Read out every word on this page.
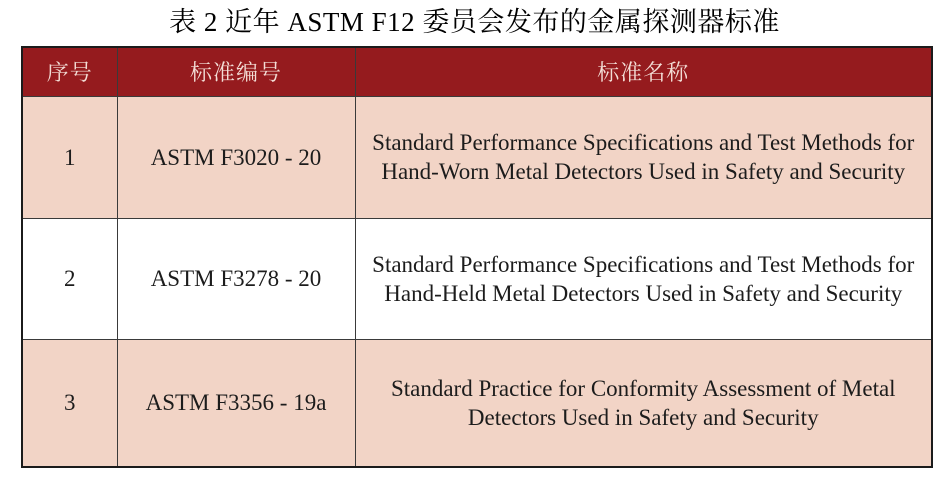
表 2 近年 ASTM F12 委员会发布的金属探测器标准
序号	标准编号	标准名称
1	ASTM F3020 - 20	Standard Performance Specifications and Test Methods for Hand-Worn Metal Detectors Used in Safety and Security
2	ASTM F3278 - 20	Standard Performance Specifications and Test Methods for Hand-Held Metal Detectors Used in Safety and Security
3	ASTM F3356 - 19a	Standard Practice for Conformity Assessment of Metal Detectors Used in Safety and Security
